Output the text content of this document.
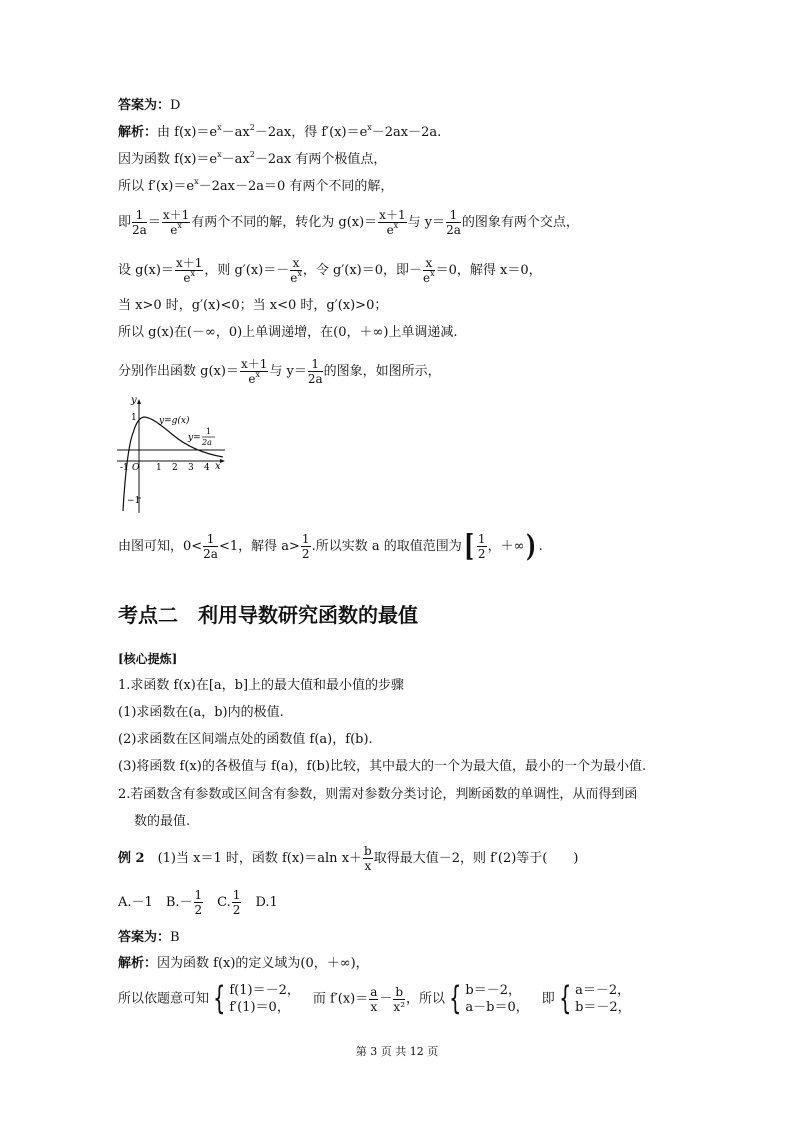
答案为：D
解析：由 $f(x)=e^x-ax^2-2ax$，得 $f'(x)=e^x-2ax-2a$.
因为函数 $f(x)=e^x-ax^2-2ax$ 有两个极值点，
所以 $f'(x)=e^x-2ax-2a=0$ 有两个不同的解，
即 $\frac{1}{2a} = \frac{x+1}{e^x}$ 有两个不同的解，转化为 $g(x)= \frac{x+1}{e^x}$ 与 $y= \frac{1}{2a}$ 的图象有两个交点，
设 $g(x)= \frac{x+1}{e^x}$ ，则 $g'(x)=- \frac{x}{e^x}$ ，令 g′(x)＝0，即－ $\frac{x}{e^x} =0$，解得 x＝0，
当 x>0 时，g′(x)<0；当 x<0 时，g′(x)>0；
所以 g(x)在(－∞，0)上单调递增，在(0，＋∞)上单调递减.
分别作出函数 $g(x)= \frac{x+1}{e^x}$ 与 $y= \frac{1}{2a}$ 的图象，如图所示，
y
x
-1 O 1 2 3 4
1
−1
y=g(x)
y=
1
2a
由图可知，$0< \frac{1}{2a} <1$，解得 $a> \frac{1}{2}$ .所以实数 a 的取值范围为[ $\frac{1}{2}$ ，＋∞) .
考点二　利用导数研究函数的最值
[核心提炼]
1.求函数 f(x)在[a，b]上的最大值和最小值的步骤
(1)求函数在(a，b)内的极值.
(2)求函数在区间端点处的函数值 f(a)，f(b).
(3)将函数 f(x)的各极值与 f(a)，f(b)比较，其中最大的一个为最大值，最小的一个为最小值.
2.若函数含有参数或区间含有参数，则需对参数分类讨论，判断函数的单调性，从而得到函
数的最值.
例 2　(1)当 x＝1 时，函数 f(x)＝aln $x+ \frac{b}{x}$ 取得最大值－2，则 f′(2)等于(　　)
A.－1　 $B.- \frac{1}{2}$
　 C. $\frac{1}{2}$
　 D.1
答案为：B
解析：因为函数 f(x)的定义域为(0，＋∞)，
所以依题意可知 { f(1)＝－2，
f′(1)＝0，
　而 $f'(x)= \frac{a}{x} - \frac{b}{\text{x²}}$ ，所以 { b＝－2，
a－b＝0，
　即 { a＝－2，
b＝－2，
第 3 页 共 12 页
